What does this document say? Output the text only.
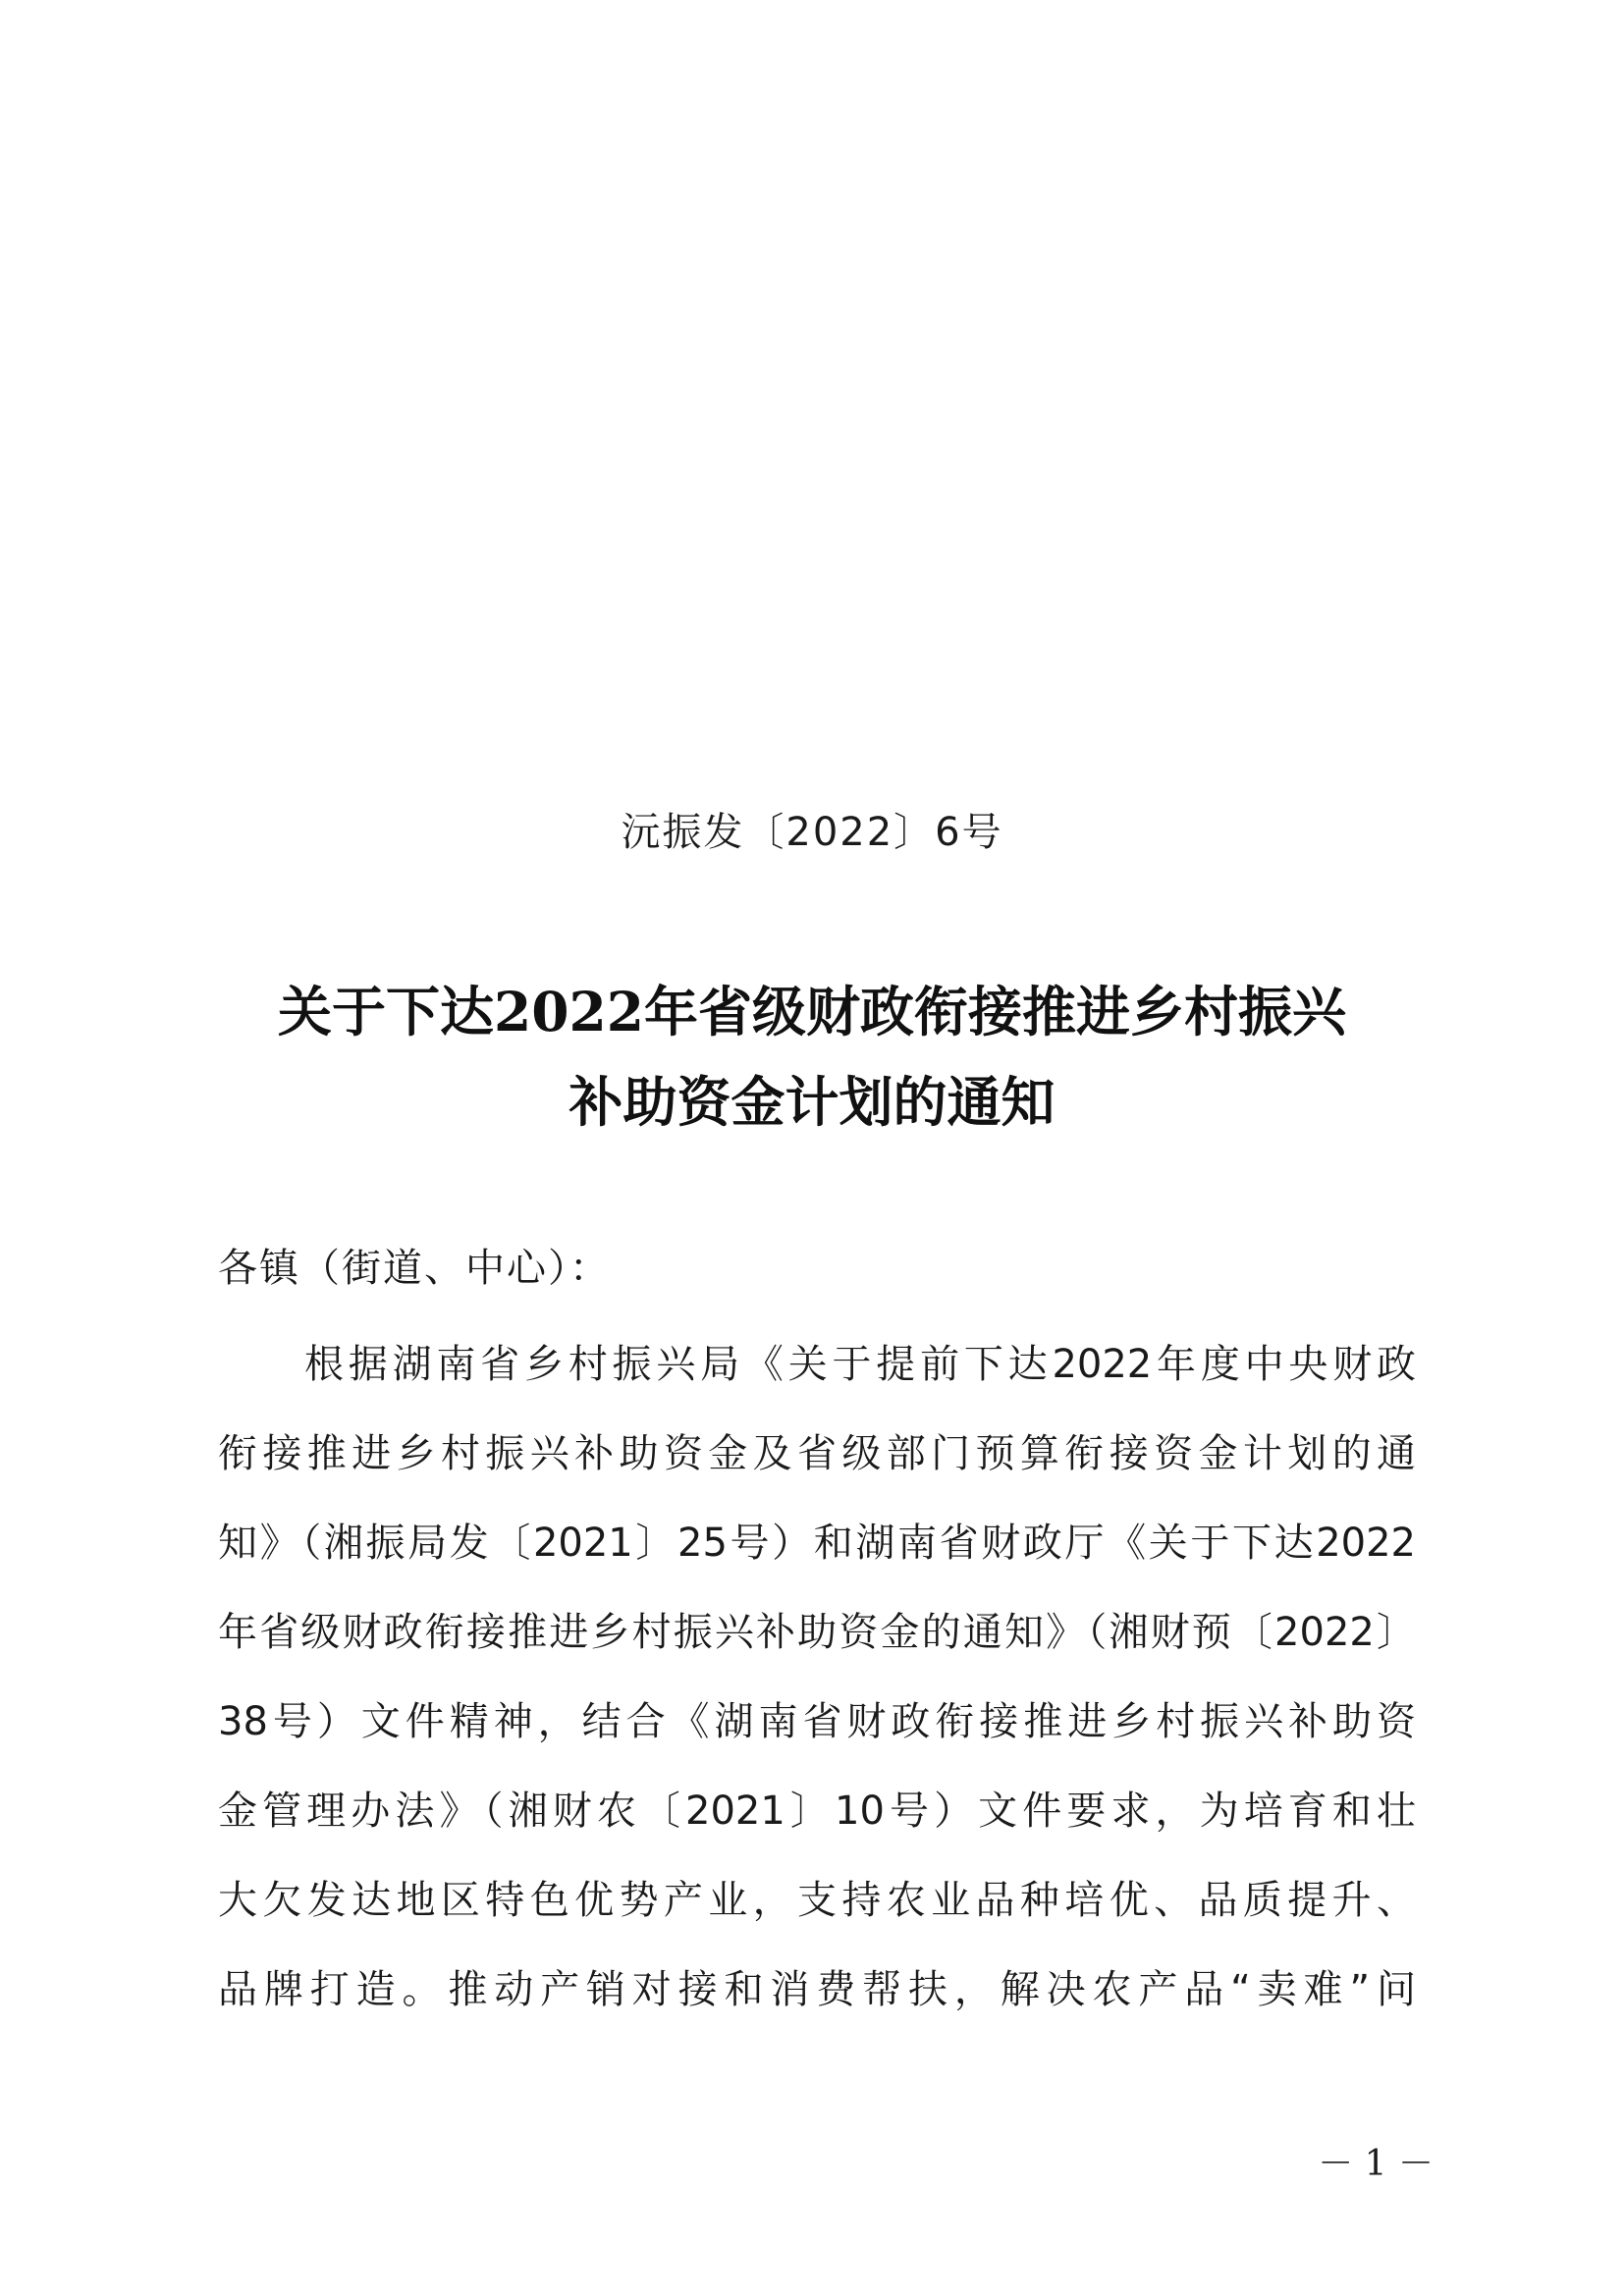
沅振发〔2022〕6号
关于下达2022年省级财政衔接推进乡村振兴
补助资金计划的通知
各镇（街道、中心）：
根据湖南省乡村振兴局《关于提前下达2022年度中央财政
衔接推进乡村振兴补助资金及省级部门预算衔接资金计划的通
知》（湘振局发〔2021〕25号）和湖南省财政厅《关于下达2022
年省级财政衔接推进乡村振兴补助资金的通知》（湘财预〔2022〕
38号）文件精神，结合《湖南省财政衔接推进乡村振兴补助资
金管理办法》（湘财农〔2021〕10号）文件要求，为培育和壮
大欠发达地区特色优势产业，支持农业品种培优、品质提升、
品牌打造。推动产销对接和消费帮扶，解决农产品“卖难”问
－ 1 －
